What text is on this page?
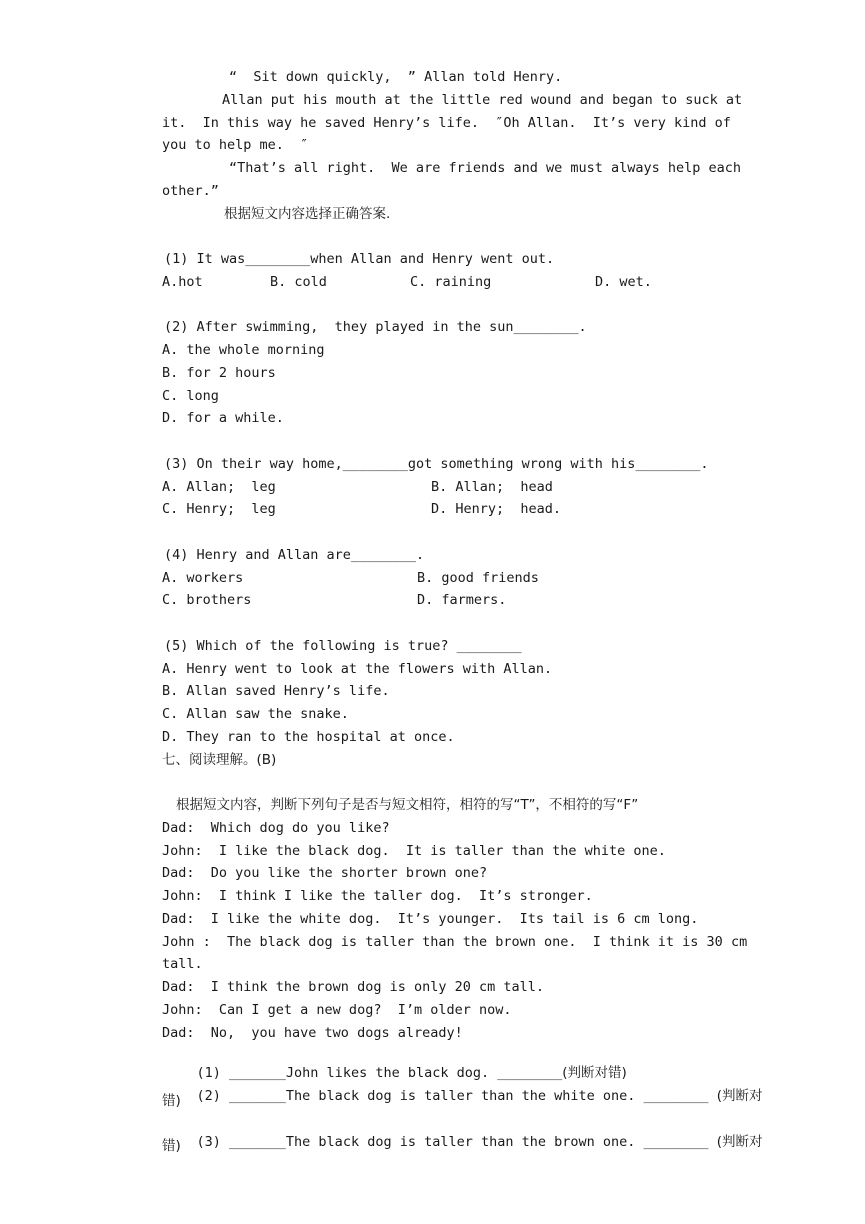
“  Sit down quickly,  ” Allan told Henry.
Allan put his mouth at the little red wound and began to suck at
it.  In this way he saved Henry’s life.  ″Oh Allan.  It’s very kind of
you to help me.  ″
“That’s all right.  We are friends and we must always help each
other.”
根据短文内容选择正确答案.
(1) It was________when Allan and Henry went out.
A.hot	B. cold	C. raining	D. wet.
(2) After swimming,  they played in the sun________.
A. the whole morning
B. for 2 hours
C. long
D. for a while.
(3) On their way home,________got something wrong with his________.
A. Allan;  leg	B. Allan;  head
C. Henry;  leg	D. Henry;  head.
(4) Henry and Allan are________.
A. workers	B. good friends
C. brothers	D. farmers.
(5) Which of the following is true? ________
A. Henry went to look at the flowers with Allan.
B. Allan saved Henry’s life.
C. Allan saw the snake.
D. They ran to the hospital at once.
七、阅读理解。(B)
根据短文内容，判断下列句子是否与短文相符，相符的写“T”，不相符的写“F”
Dad:  Which dog do you like?
John:  I like the black dog.  It is taller than the white one.
Dad:  Do you like the shorter brown one?
John:  I think I like the taller dog.  It’s stronger.
Dad:  I like the white dog.  It’s younger.  Its tail is 6 cm long.
John :  The black dog is taller than the brown one.  I think it is 30 cm
tall.
Dad:  I think the brown dog is only 20 cm tall.
John:  Can I get a new dog?  I’m older now.
Dad:  No,  you have two dogs already!

(1) _______John likes the black dog. ________(判断对错)

(2) _______The black dog is taller than the white one. ________ (判断对

错)

(3) _______The black dog is taller than the brown one. ________ (判断对

错)
